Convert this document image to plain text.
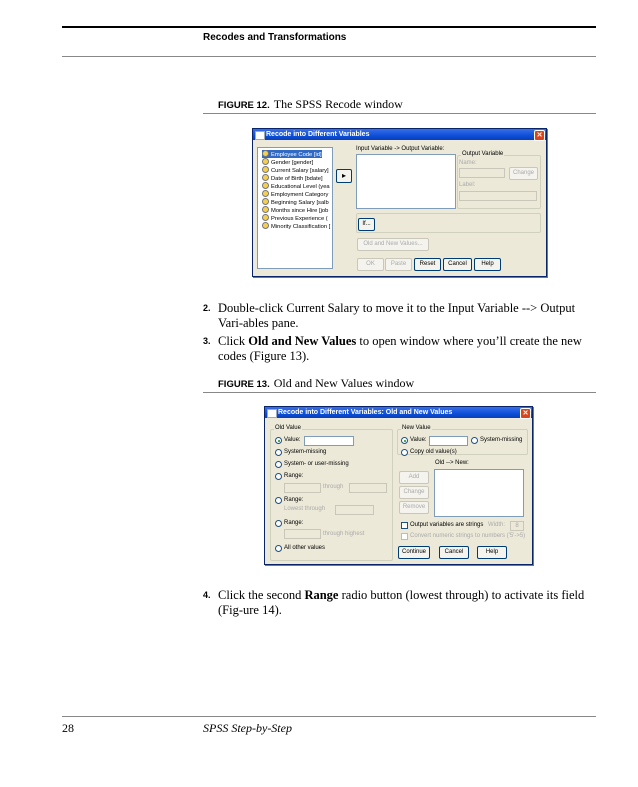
Recodes and Transformations
FIGURE 12. The SPSS Recode window
Recode into Different Variables	✕
Employee Code [id]
Gender [gender]
Current Salary [salary]
Date of Birth [bdate]
Educational Level (yea
Employment Category
Beginning Salary [salb
Months since Hire [job
Previous Experience (
Minority Classification [
▸
Input Variable -> Output Variable:
Output Variable
Name:
Change
Label:
If...
Old and New Values...
OK	Paste	Reset	Cancel	Help
2. Double-click Current Salary to move it to the Input Variable --> Output Vari-ables pane.
3. Click Old and New Values to open window where you’ll create the new codes (Figure 13).
FIGURE 13. Old and New Values window
Recode into Different Variables: Old and New Values	✕
Old Value
Value:
System-missing
System- or user-missing
Range:
through
Range:
Lowest through
Range:
through highest
All other values
New Value
Value:	System-missing
Copy old value(s)
Old --> New:
Add
Change
Remove
Output variables are strings Width:	8
Convert numeric strings to numbers ('5'->5)
Continue	Cancel	Help
4. Click the second Range radio button (lowest through) to activate its field (Fig-ure 14).
28	SPSS Step-by-Step
